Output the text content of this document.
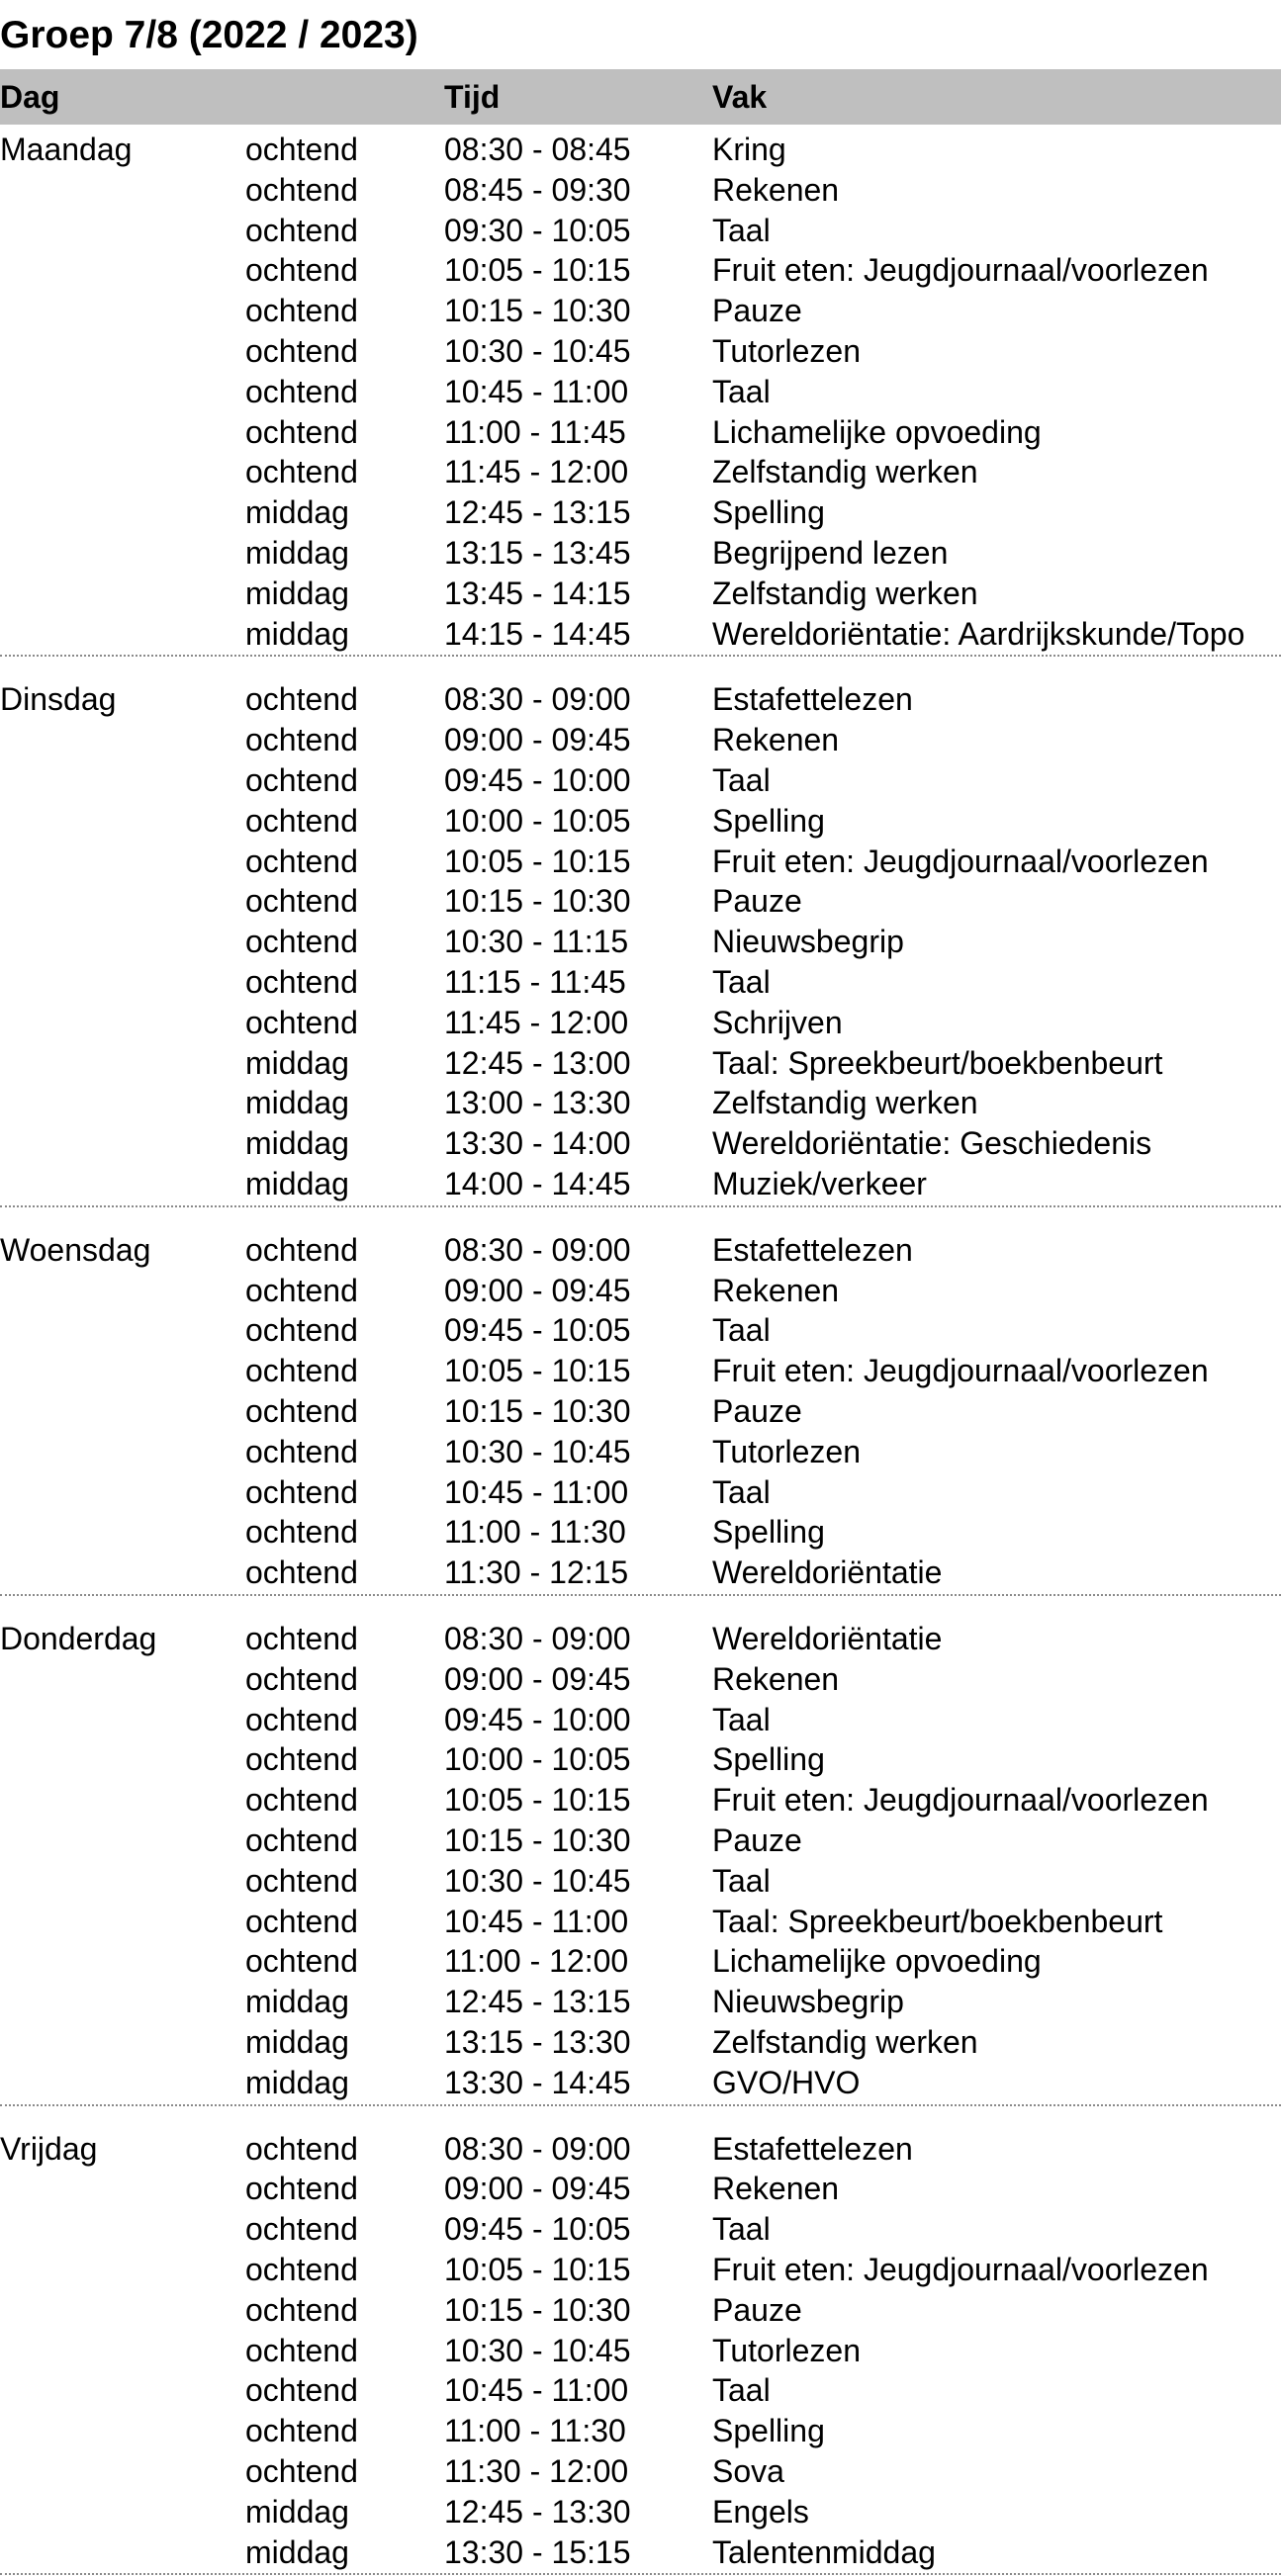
Groep 7/8 (2022 / 2023)
Dag	Tijd	Vak
Maandag	ochtend	08:30 - 08:45	Kring
ochtend	08:45 - 09:30	Rekenen
ochtend	09:30 - 10:05	Taal
ochtend	10:05 - 10:15	Fruit eten: Jeugdjournaal/voorlezen
ochtend	10:15 - 10:30	Pauze
ochtend	10:30 - 10:45	Tutorlezen
ochtend	10:45 - 11:00	Taal
ochtend	11:00 - 11:45	Lichamelijke opvoeding
ochtend	11:45 - 12:00	Zelfstandig werken
middag	12:45 - 13:15	Spelling
middag	13:15 - 13:45	Begrijpend lezen
middag	13:45 - 14:15	Zelfstandig werken
middag	14:15 - 14:45	Wereldoriëntatie: Aardrijkskunde/Topo
Dinsdag	ochtend	08:30 - 09:00	Estafettelezen
ochtend	09:00 - 09:45	Rekenen
ochtend	09:45 - 10:00	Taal
ochtend	10:00 - 10:05	Spelling
ochtend	10:05 - 10:15	Fruit eten: Jeugdjournaal/voorlezen
ochtend	10:15 - 10:30	Pauze
ochtend	10:30 - 11:15	Nieuwsbegrip
ochtend	11:15 - 11:45	Taal
ochtend	11:45 - 12:00	Schrijven
middag	12:45 - 13:00	Taal: Spreekbeurt/boekbenbeurt
middag	13:00 - 13:30	Zelfstandig werken
middag	13:30 - 14:00	Wereldoriëntatie: Geschiedenis
middag	14:00 - 14:45	Muziek/verkeer
Woensdag	ochtend	08:30 - 09:00	Estafettelezen
ochtend	09:00 - 09:45	Rekenen
ochtend	09:45 - 10:05	Taal
ochtend	10:05 - 10:15	Fruit eten: Jeugdjournaal/voorlezen
ochtend	10:15 - 10:30	Pauze
ochtend	10:30 - 10:45	Tutorlezen
ochtend	10:45 - 11:00	Taal
ochtend	11:00 - 11:30	Spelling
ochtend	11:30 - 12:15	Wereldoriëntatie
Donderdag	ochtend	08:30 - 09:00	Wereldoriëntatie
ochtend	09:00 - 09:45	Rekenen
ochtend	09:45 - 10:00	Taal
ochtend	10:00 - 10:05	Spelling
ochtend	10:05 - 10:15	Fruit eten: Jeugdjournaal/voorlezen
ochtend	10:15 - 10:30	Pauze
ochtend	10:30 - 10:45	Taal
ochtend	10:45 - 11:00	Taal: Spreekbeurt/boekbenbeurt
ochtend	11:00 - 12:00	Lichamelijke opvoeding
middag	12:45 - 13:15	Nieuwsbegrip
middag	13:15 - 13:30	Zelfstandig werken
middag	13:30 - 14:45	GVO/HVO
Vrijdag	ochtend	08:30 - 09:00	Estafettelezen
ochtend	09:00 - 09:45	Rekenen
ochtend	09:45 - 10:05	Taal
ochtend	10:05 - 10:15	Fruit eten: Jeugdjournaal/voorlezen
ochtend	10:15 - 10:30	Pauze
ochtend	10:30 - 10:45	Tutorlezen
ochtend	10:45 - 11:00	Taal
ochtend	11:00 - 11:30	Spelling
ochtend	11:30 - 12:00	Sova
middag	12:45 - 13:30	Engels
middag	13:30 - 15:15	Talentenmiddag
